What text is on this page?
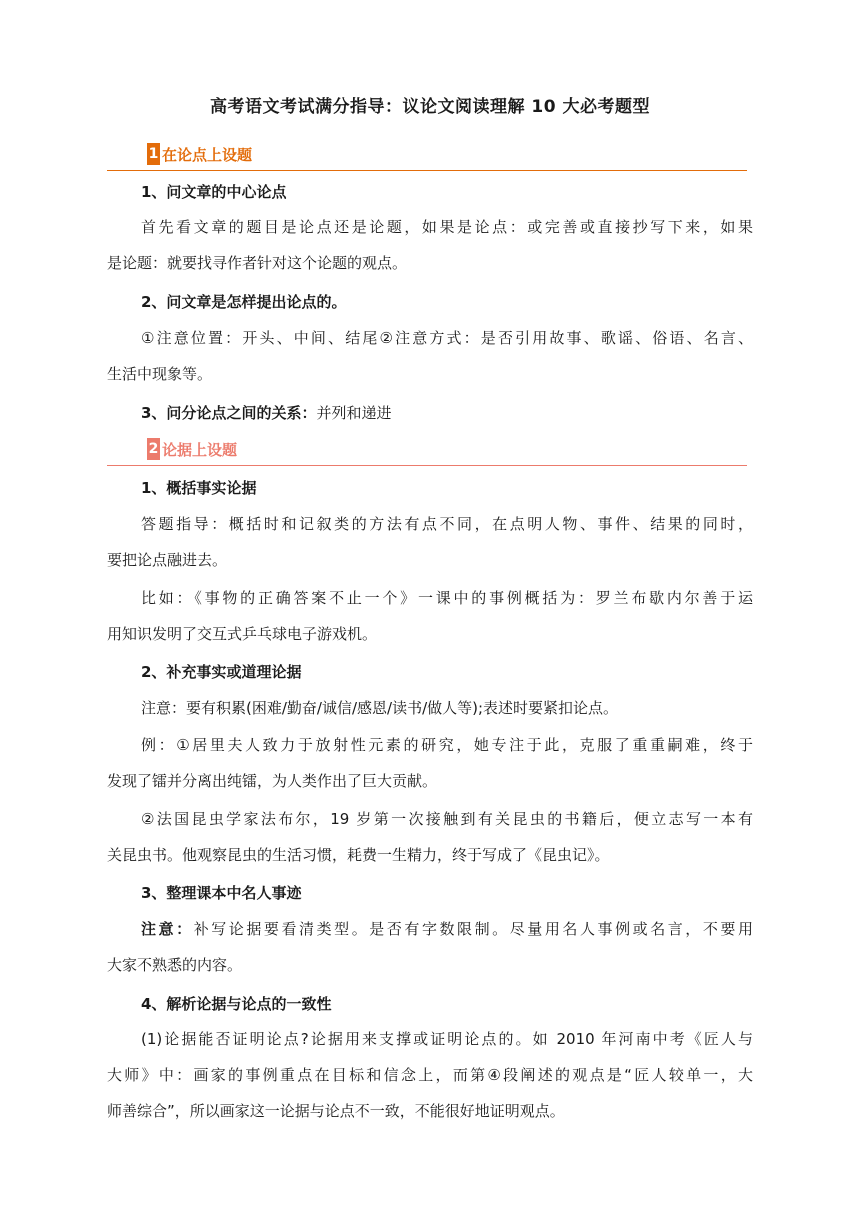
高考语文考试满分指导：议论文阅读理解 10 大必考题型
1 在论点上设题
1、问文章的中心论点
首先看文章的题目是论点还是论题，如果是论点：或完善或直接抄写下来，如果
是论题：就要找寻作者针对这个论题的观点。
2、问文章是怎样提出论点的。
①注意位置：开头、中间、结尾②注意方式：是否引用故事、歌谣、俗语、名言、
生活中现象等。
3、问分论点之间的关系：并列和递进
2 论据上设题
1、概括事实论据
答题指导：概括时和记叙类的方法有点不同，在点明人物、事件、结果的同时，
要把论点融进去。
比如：《事物的正确答案不止一个》一课中的事例概括为：罗兰布歇内尔善于运
用知识发明了交互式乒乓球电子游戏机。
2、补充事实或道理论据
注意：要有积累(困难/勤奋/诚信/感恩/读书/做人等);表述时要紧扣论点。
例：①居里夫人致力于放射性元素的研究，她专注于此，克服了重重嗣难，终于
发现了镭并分离出纯镭，为人类作出了巨大贡献。
②法国昆虫学家法布尔，19 岁第一次接触到有关昆虫的书籍后，便立志写一本有
关昆虫书。他观察昆虫的生活习惯，耗费一生精力，终于写成了《昆虫记》。
3、整理课本中名人事迹
注意：补写论据要看清类型。是否有字数限制。尽量用名人事例或名言，不要用
大家不熟悉的内容。
4、解析论据与论点的一致性
(1)论据能否证明论点?论据用来支撑或证明论点的。如 2010 年河南中考《匠人与
大师》中：画家的事例重点在目标和信念上，而第④段阐述的观点是“匠人较单一，大
师善综合”，所以画家这一论据与论点不一致，不能很好地证明观点。
